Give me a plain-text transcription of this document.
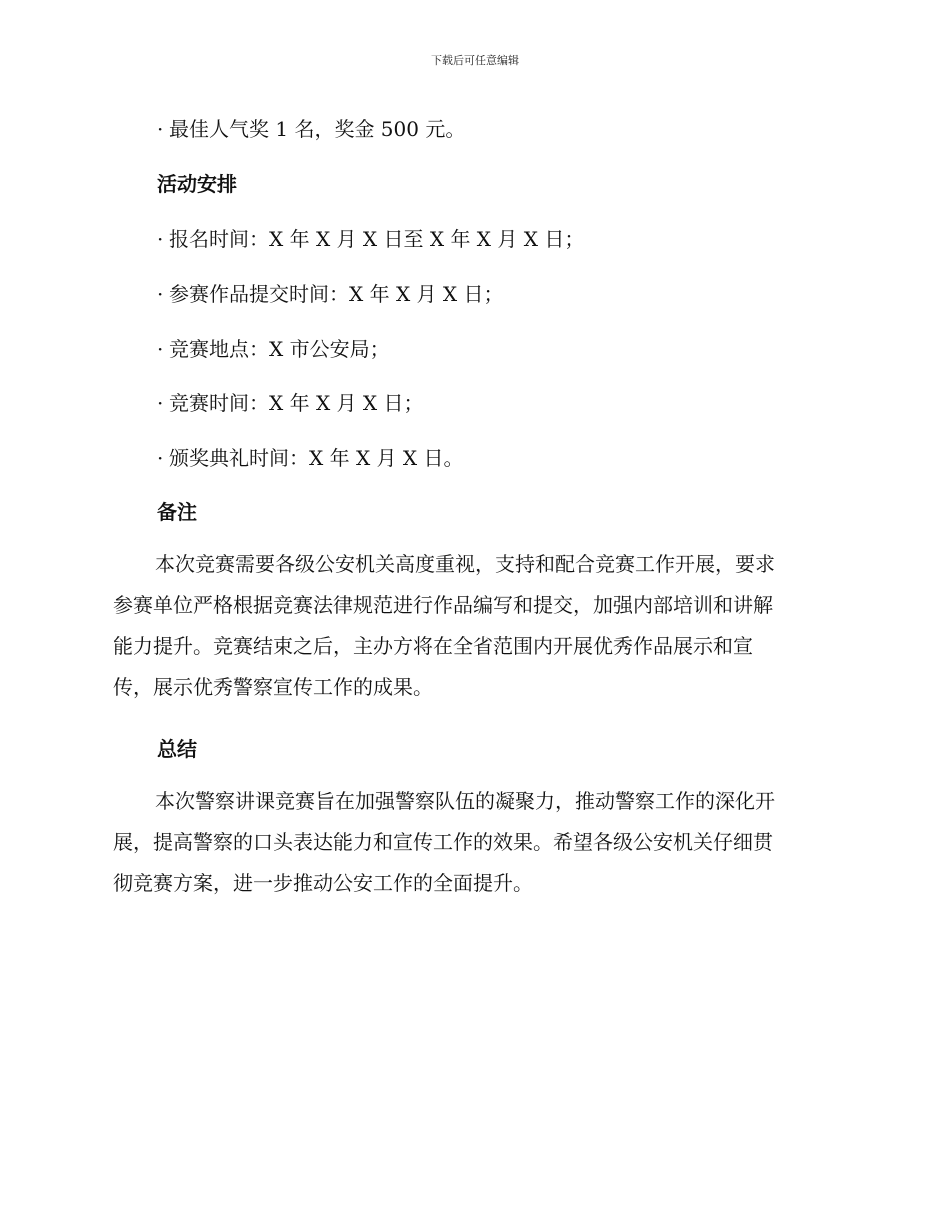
下载后可任意编辑
· 最佳人气奖 1 名，奖金 500 元。
活动安排
· 报名时间：X 年 X 月 X 日至 X 年 X 月 X 日；
· 参赛作品提交时间：X 年 X 月 X 日；
· 竞赛地点：X 市公安局；
· 竞赛时间：X 年 X 月 X 日；
· 颁奖典礼时间：X 年 X 月 X 日。
备注
本次竞赛需要各级公安机关高度重视，支持和配合竞赛工作开展，要求
参赛单位严格根据竞赛法律规范进行作品编写和提交，加强内部培训和讲解
能力提升。竞赛结束之后，主办方将在全省范围内开展优秀作品展示和宣
传，展示优秀警察宣传工作的成果。
总结
本次警察讲课竞赛旨在加强警察队伍的凝聚力，推动警察工作的深化开
展，提高警察的口头表达能力和宣传工作的效果。希望各级公安机关仔细贯
彻竞赛方案，进一步推动公安工作的全面提升。
